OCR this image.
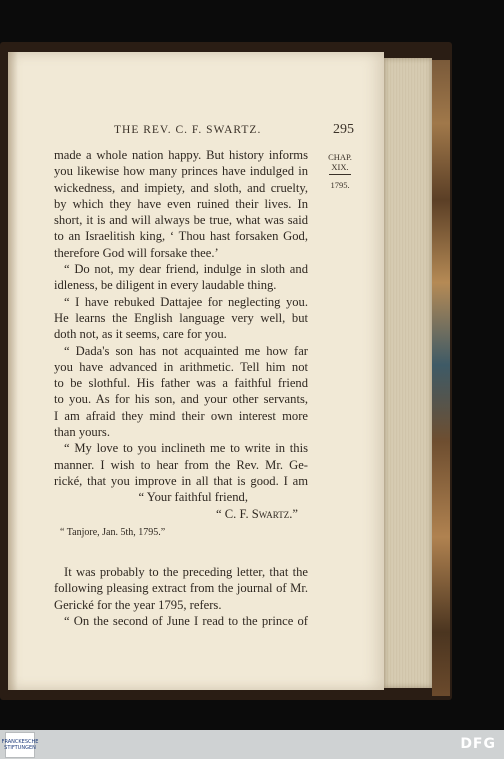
THE REV. C. F. SWARTZ.	295
CHAP.
XIX.
1795.
made a whole nation happy. But history informs
you likewise how many princes have indulged in
wickedness, and impiety, and sloth, and cruelty,
by which they have even ruined their lives. In
short, it is and will always be true, what was said
to an Israelitish king, ‘ Thou hast forsaken God,
therefore God will forsake thee.’
“ Do not, my dear friend, indulge in sloth and
idleness, be diligent in every laudable thing.
“ I have rebuked Dattajee for neglecting you.
He learns the English language very well, but
doth not, as it seems, care for you.
“ Dada's son has not acquainted me how far
you have advanced in arithmetic. Tell him not
to be slothful. His father was a faithful friend
to you. As for his son, and your other servants,
I am afraid they mind their own interest more
than yours.
“ My love to you inclineth me to write in this
manner. I wish to hear from the Rev. Mr. Ge-
rické, that you improve in all that is good. I am
“ Your faithful friend,
“ C. F. Swartz.”
“ Tanjore, Jan. 5th, 1795.”
It was probably to the preceding letter, that the
following pleasing extract from the journal of Mr.
Gerické for the year 1795, refers.
“ On the second of June I read to the prince of
FRANCKESCHE STIFTUNGEN	DFG
